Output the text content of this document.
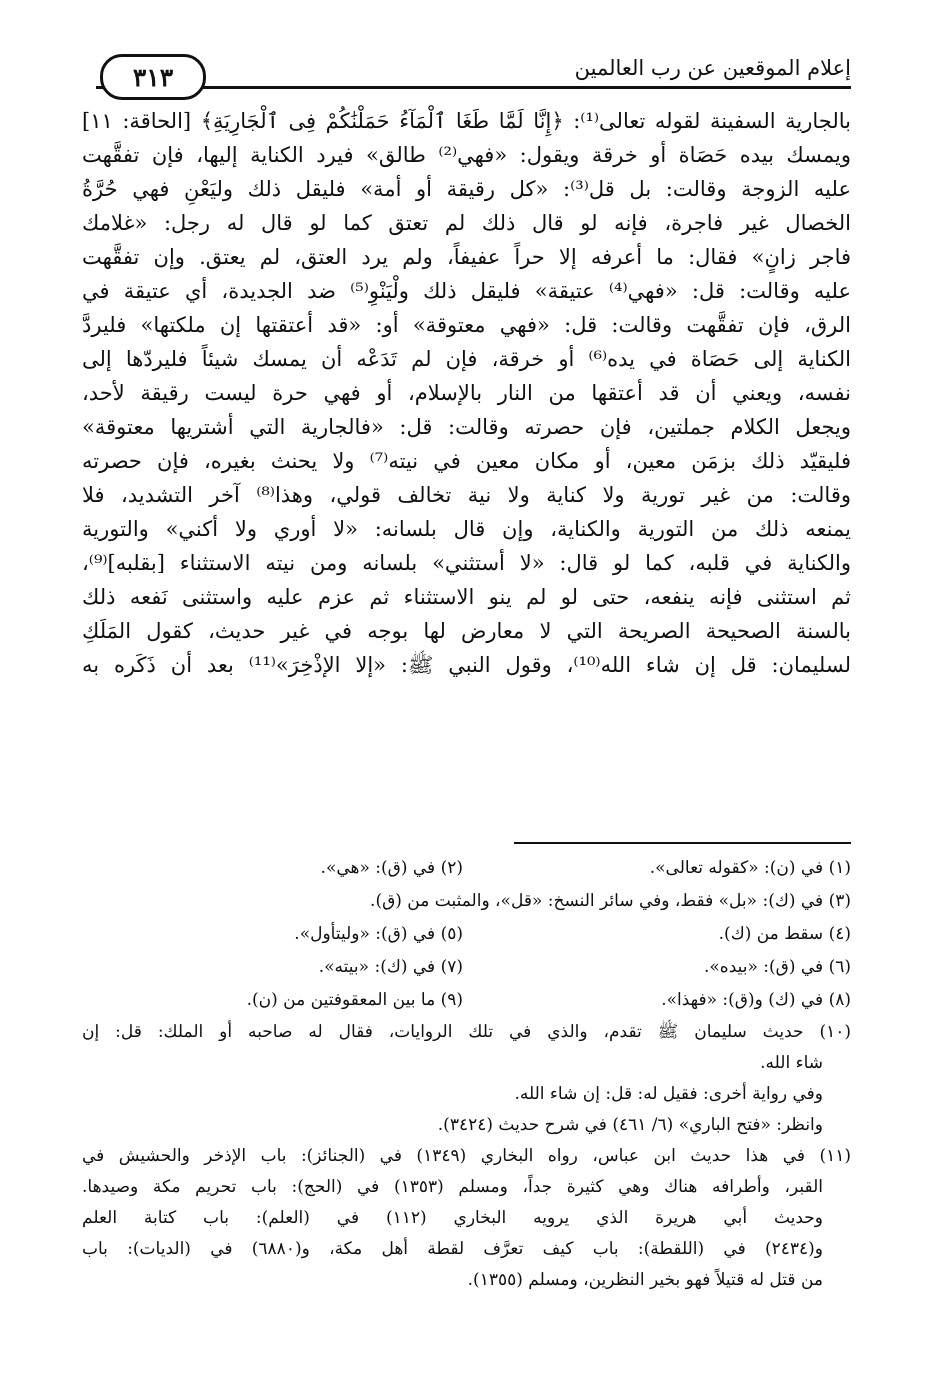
إعلام الموقعين عن رب العالمين
٣١٣
بالجارية السفينة لقوله تعالى⁽¹⁾: ﴿إِنَّا لَمَّا طَغَا ٱلْمَآءُ حَمَلْنَٰكُمْ فِى ٱلْجَارِيَةِ﴾ [الحاقة: ١١]
ويمسك بيده حَصَاة أو خرقة ويقول: «فهي⁽²⁾ طالق» فيرد الكناية إليها، فإن تفقَّهت
عليه الزوجة وقالت: بل قل⁽³⁾: «كل رقيقة أو أمة» فليقل ذلك وليَعْنِ فهي حُرَّةُ
الخصال غير فاجرة، فإنه لو قال ذلك لم تعتق كما لو قال له رجل: «غلامك
فاجر زانٍ» فقال: ما أعرفه إلا حراً عفيفاً، ولم يرد العتق، لم يعتق. وإن تفقَّهت
عليه وقالت: قل: «فهي⁽⁴⁾ عتيقة» فليقل ذلك ولْيَنْوِ⁽⁵⁾ ضد الجديدة، أي عتيقة في
الرق، فإن تفقَّهت وقالت: قل: «فهي معتوقة» أو: «قد أعتقتها إن ملكتها» فليردَّ
الكناية إلى حَصَاة في يده⁽⁶⁾ أو خرقة، فإن لم تَدَعْه أن يمسك شيئاً فليردّها إلى
نفسه، ويعني أن قد أعتقها من النار بالإسلام، أو فهي حرة ليست رقيقة لأحد،
ويجعل الكلام جملتين، فإن حصرته وقالت: قل: «فالجارية التي أشتريها معتوقة»
فليقيّد ذلك بزمَن معين، أو مكان معين في نيته⁽⁷⁾ ولا يحنث بغيره، فإن حصرته
وقالت: من غير تورية ولا كناية ولا نية تخالف قولي، وهذا⁽⁸⁾ آخر التشديد، فلا
يمنعه ذلك من التورية والكناية، وإن قال بلسانه: «لا أوري ولا أكني» والتورية
والكناية في قلبه، كما لو قال: «لا أستثني» بلسانه ومن نيته الاستثناء [بقلبه]⁽⁹⁾،
ثم استثنى فإنه ينفعه، حتى لو لم ينو الاستثناء ثم عزم عليه واستثنى نَفعه ذلك
بالسنة الصحيحة الصريحة التي لا معارض لها بوجه في غير حديث، كقول المَلَكِ
لسليمان: قل إن شاء الله⁽¹⁰⁾، وقول النبي ﷺ: «إلا الإذْخِرَ»⁽¹¹⁾ بعد أن ذَكَره به
(١) في (ن): «كقوله تعالى».
(٢) في (ق): «هي».
(٣) في (ك): «بل» فقط، وفي سائر النسخ: «قل»، والمثبت من (ق).
(٤) سقط من (ك).
(٥) في (ق): «وليتأول».
(٦) في (ق): «بيده».
(٧) في (ك): «بيته».
(٨) في (ك) و(ق): «فهذا».
(٩) ما بين المعقوفتين من (ن).
(١٠) حديث سليمان ﷺ تقدم، والذي في تلك الروايات، فقال له صاحبه أو الملك: قل: إن
شاء الله.
وفي رواية أخرى: فقيل له: قل: إن شاء الله.
وانظر: «فتح الباري» (٦/ ٤٦١) في شرح حديث (٣٤٢٤).
(١١) في هذا حديث ابن عباس، رواه البخاري (١٣٤٩) في (الجنائز): باب الإذخر والحشيش في
القبر، وأطرافه هناك وهي كثيرة جداً، ومسلم (١٣٥٣) في (الحج): باب تحريم مكة وصيدها.
وحديث أبي هريرة الذي يرويه البخاري (١١٢) في (العلم): باب كتابة العلم
و(٢٤٣٤) في (اللقطة): باب كيف تعرَّف لقطة أهل مكة، و(٦٨٨٠) في (الديات): باب
من قتل له قتيلاً فهو بخير النظرين، ومسلم (١٣٥٥).
